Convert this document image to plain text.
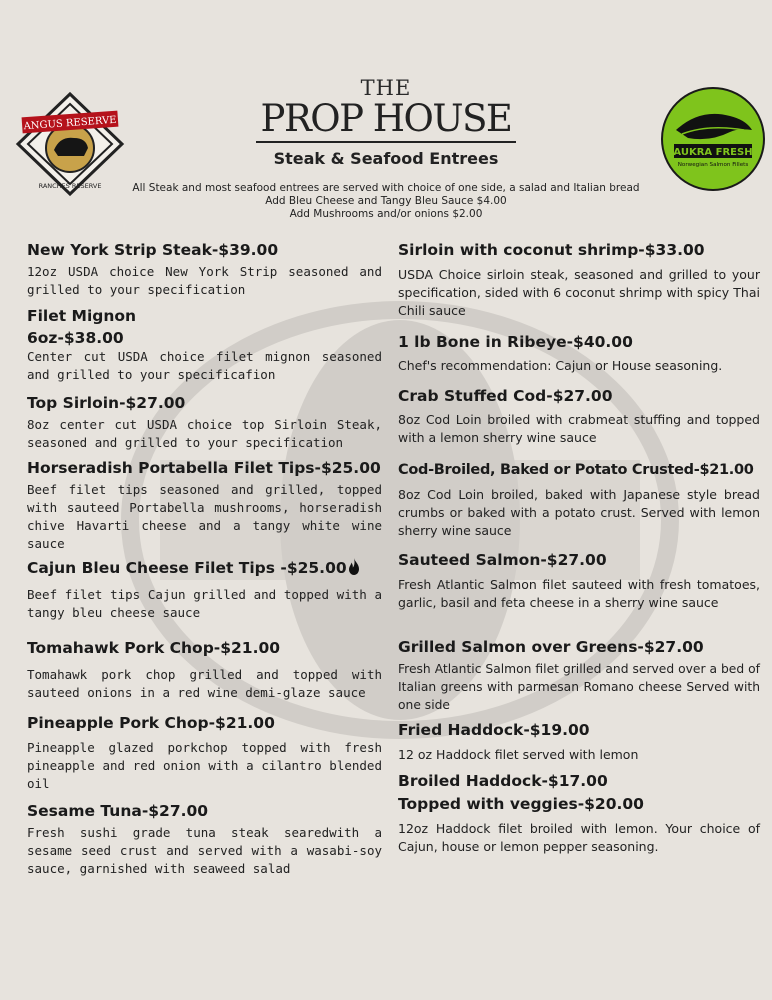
ANGUS RESERVE
RANCHES RESERVE
AUKRA FRESH
Norwegian Salmon Fillets
THE
PROP HOUSE
Steak & Seafood Entrees
All Steak and most seafood entrees are served with choice of one side, a salad and Italian bread
Add Bleu Cheese and Tangy Bleu Sauce $4.00
Add Mushrooms and/or onions $2.00
New York Strip Steak-$39.00
12oz USDA choice New York Strip seasoned and grilled to your specification
Filet Mignon
6oz-$38.00
Center cut USDA choice filet mignon seasoned and grilled to your specificafion
Top Sirloin-$27.00
8oz center cut USDA choice top Sirloin Steak, seasoned and grilled to your specification
Horseradish Portabella Filet Tips-$25.00
Beef filet tips seasoned and grilled, topped with sauteed Portabella mushrooms, horseradish chive Havarti cheese and a tangy white wine sauce
Cajun Bleu Cheese Filet Tips -$25.00
Beef filet tips Cajun grilled and topped with a tangy bleu cheese sauce
Tomahawk Pork Chop-$21.00
Tomahawk pork chop grilled and topped with sauteed onions in a red wine demi-glaze sauce
Pineapple Pork Chop-$21.00
Pineapple glazed porkchop topped with fresh pineapple and red onion with a cilantro blended oil
Sesame Tuna-$27.00
Fresh sushi grade tuna steak searedwith a sesame seed crust and served with a wasabi-soy sauce, garnished with seaweed salad
Sirloin with coconut shrimp-$33.00
USDA Choice sirloin steak, seasoned and grilled to your specification, sided with 6 coconut shrimp with spicy Thai Chili sauce
1 lb Bone in Ribeye-$40.00
Chef's recommendation: Cajun or House seasoning.
Crab Stuffed Cod-$27.00
8oz Cod Loin broiled with crabmeat stuffing and topped with a lemon sherry wine sauce
Cod-Broiled, Baked or Potato Crusted-$21.00
8oz Cod Loin broiled, baked with Japanese style bread crumbs or baked with a potato crust. Served with lemon sherry wine sauce
Sauteed Salmon-$27.00
Fresh Atlantic Salmon filet sauteed with fresh tomatoes, garlic, basil and feta cheese in a sherry wine sauce
Grilled Salmon over Greens-$27.00
Fresh Atlantic Salmon filet grilled and served over a bed of Italian greens with parmesan Romano cheese Served with one side
Fried Haddock-$19.00
12 oz Haddock filet served with lemon
Broiled Haddock-$17.00
Topped with veggies-$20.00
12oz Haddock filet broiled with lemon. Your choice of Cajun, house or lemon pepper seasoning.
